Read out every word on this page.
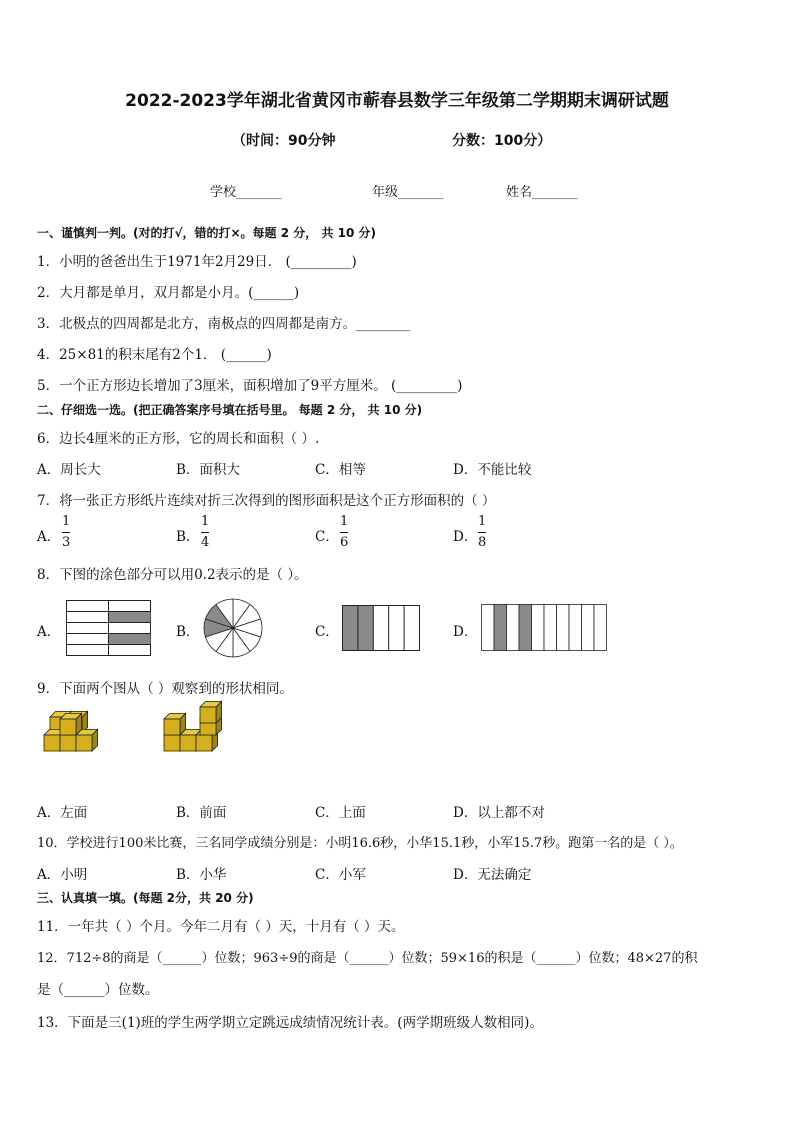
2022-2023学年湖北省黄冈市蕲春县数学三年级第二学期期末调研试题
（时间：90分钟	分数：100分）
学校_______	年级_______	姓名_______
一、谨慎判一判。(对的打√，错的打×。每题 2 分， 共 10 分)
1．小明的爸爸出生于1971年2月29日． (_________)
2．大月都是单月，双月都是小月。(______)
3．北极点的四周都是北方，南极点的四周都是南方。________
4．25×81的积末尾有2个1． (______)
5．一个正方形边长增加了3厘米，面积增加了9平方厘米。 (_________)
二、仔细选一选。(把正确答案序号填在括号里。 每题 2 分， 共 10 分)
6．边长4厘米的正方形，它的周长和面积（ ）.
A．周长大	B．面积大	C．相等	D．不能比较
7．将一张正方形纸片连续对折三次得到的图形面积是这个正方形面积的（ ）
A．
1
3	B．
1
4	C．
1
6	D．
1
8
8．下图的涂色部分可以用0.2表示的是（ ）。
A．	B．	C．	D．
9．下面两个图从（ ）观察到的形状相同。
A．左面	B．前面	C．上面	D．以上都不对
10．学校进行100米比赛，三名同学成绩分别是：小明16.6秒，小华15.1秒，小军15.7秒。跑第一名的是（ ）。
A．小明	B．小华	C．小军	D．无法确定
三、认真填一填。(每题 2分，共 20 分)
11．一年共（ ）个月。今年二月有（ ）天，十月有（ ）天。
12．712÷8的商是（______）位数；963÷9的商是（______）位数；59×16的积是（______）位数；48×27的积
是（______）位数。
13．下面是三(1)班的学生两学期立定跳远成绩情况统计表。(两学期班级人数相同)。
